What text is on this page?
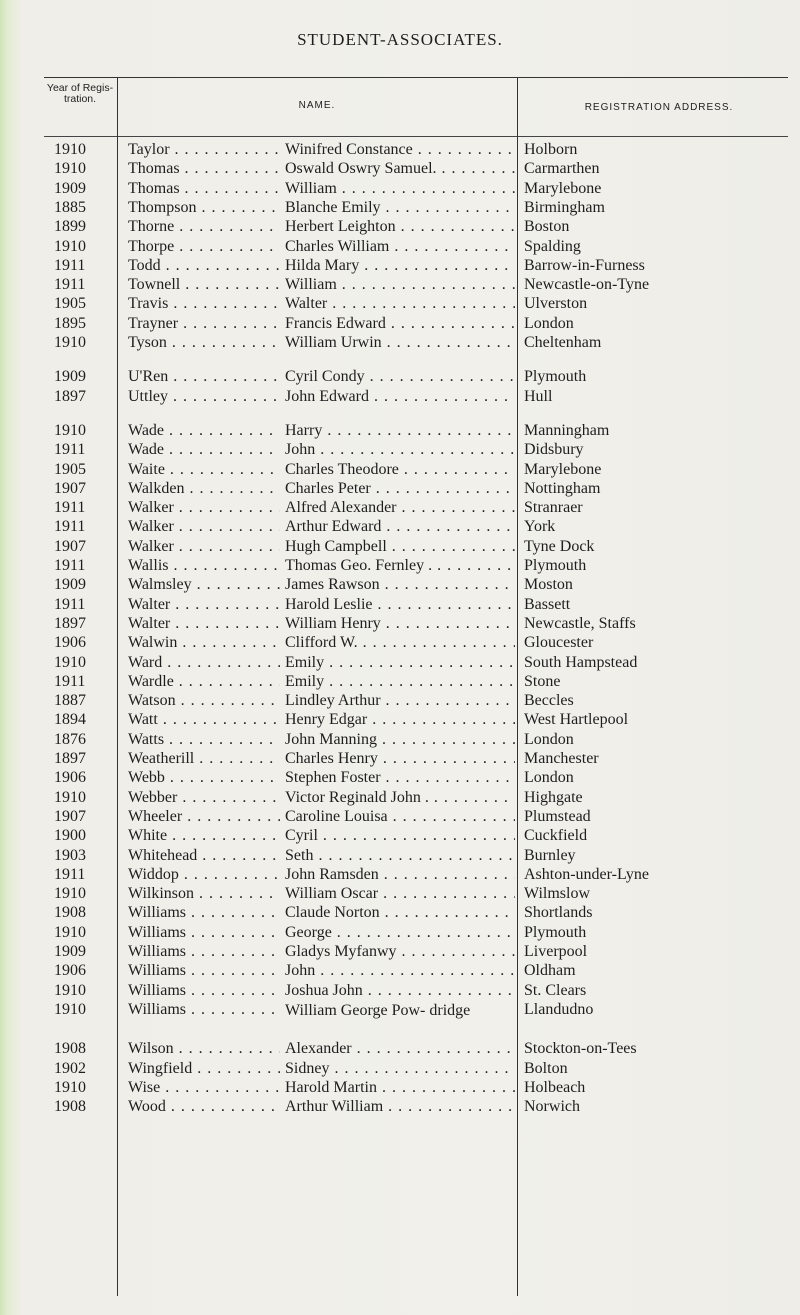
STUDENT-ASSOCIATES.
Year of Regis- tration.
NAME.	REGISTRATION ADDRESS.
1910	Taylor . . .	Winifred Constance . . .	Holborn
1910	Thomas . . .	Oswald Oswry Samuel. . . .	Carmarthen
1909	Thomas . . .	William . . .	Marylebone
1885	Thompson . . .	Blanche Emily . . .	Birmingham
1899	Thorne . . .	Herbert Leighton . . .	Boston
1910	Thorpe . . .	Charles William . . .	Spalding
1911	Todd . . .	Hilda Mary . . .	Barrow-in-Furness
1911	Townell . . .	William . . .	Newcastle-on-Tyne
1905	Travis . . .	Walter . . .	Ulverston
1895	Trayner . . .	Francis Edward . . .	London
1910	Tyson . . .	William Urwin . . .	Cheltenham
1909	U'Ren . . .	Cyril Condy . . .	Plymouth
1897	Uttley . . .	John Edward . . .	Hull
1910	Wade . . .	Harry . . .	Manningham
1911	Wade . . .	John . . .	Didsbury
1905	Waite . . .	Charles Theodore . . .	Marylebone
1907	Walkden . . .	Charles Peter . . .	Nottingham
1911	Walker . . .	Alfred Alexander . . .	Stranraer
1911	Walker . . .	Arthur Edward . . .	York
1907	Walker . . .	Hugh Campbell . . .	Tyne Dock
1911	Wallis . . .	Thomas Geo. Fernley . . . .	Plymouth
1909	Walmsley . . .	James Rawson . . .	Moston
1911	Walter . . .	Harold Leslie . . .	Bassett
1897	Walter . . .	William Henry . . .	Newcastle, Staffs
1906	Walwin . . .	Clifford W. . . .	Gloucester
1910	Ward . . .	Emily . . .	South Hampstead
1911	Wardle . . .	Emily . . .	Stone
1887	Watson . . .	Lindley Arthur . . .	Beccles
1894	Watt . . .	Henry Edgar . . .	West Hartlepool
1876	Watts . . .	John Manning . . .	London
1897	Weatherill . . .	Charles Henry . . .	Manchester
1906	Webb . . .	Stephen Foster . . .	London
1910	Webber . . .	Victor Reginald John . . . .	Highgate
1907	Wheeler . . .	Caroline Louisa . . .	Plumstead
1900	White . . .	Cyril . . .	Cuckfield
1903	Whitehead . . .	Seth . . .	Burnley
1911	Widdop . . .	John Ramsden . . .	Ashton-under-Lyne
1910	Wilkinson . . .	William Oscar . . .	Wilmslow
1908	Williams . . .	Claude Norton . . .	Shortlands
1910	Williams . . .	George . . .	Plymouth
1909	Williams . . .	Gladys Myfanwy . . .	Liverpool
1906	Williams . . .	John . . .	Oldham
1910	Williams . . .	Joshua John . . .	St. Clears
1910	Williams . . .	William George Pow- dridge	Llandudno
1908	Wilson . . .	Alexander . . .	Stockton-on-Tees
1902	Wingfield . . .	Sidney . . .	Bolton
1910	Wise . . .	Harold Martin . . .	Holbeach
1908	Wood . . .	Arthur William . . .	Norwich
